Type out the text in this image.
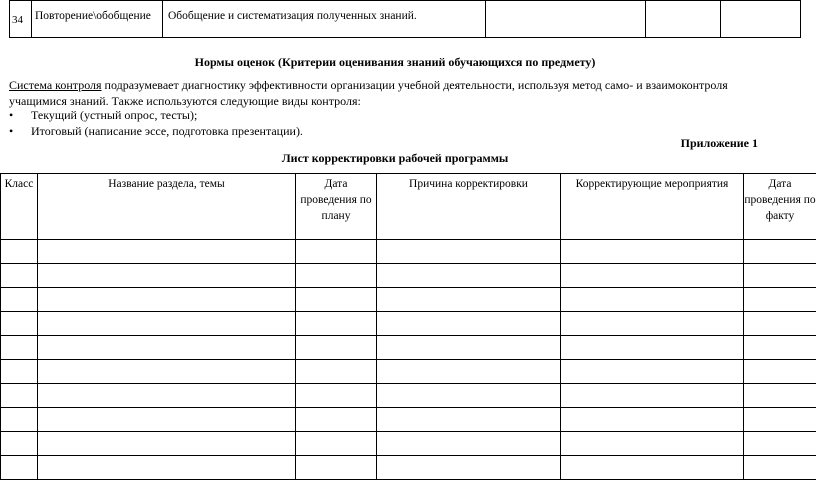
34	Повторение\обобщение	Обобщение и систематизация полученных знаний.			
Нормы оценок (Критерии оценивания знаний обучающихся по предмету)
Система контроля подразумевает диагностику эффективности организации учебной деятельности, используя метод само- и взаимоконтроля учащимися знаний. Также используются следующие виды контроля:
• Текущий (устный опрос, тесты);
• Итоговый (написание эссе, подготовка презентации).
Приложение 1
Лист корректировки рабочей программы
Класс	Название раздела, темы	Дата проведения по плану	Причина корректировки	Корректирующие мероприятия	Дата проведения по факту
